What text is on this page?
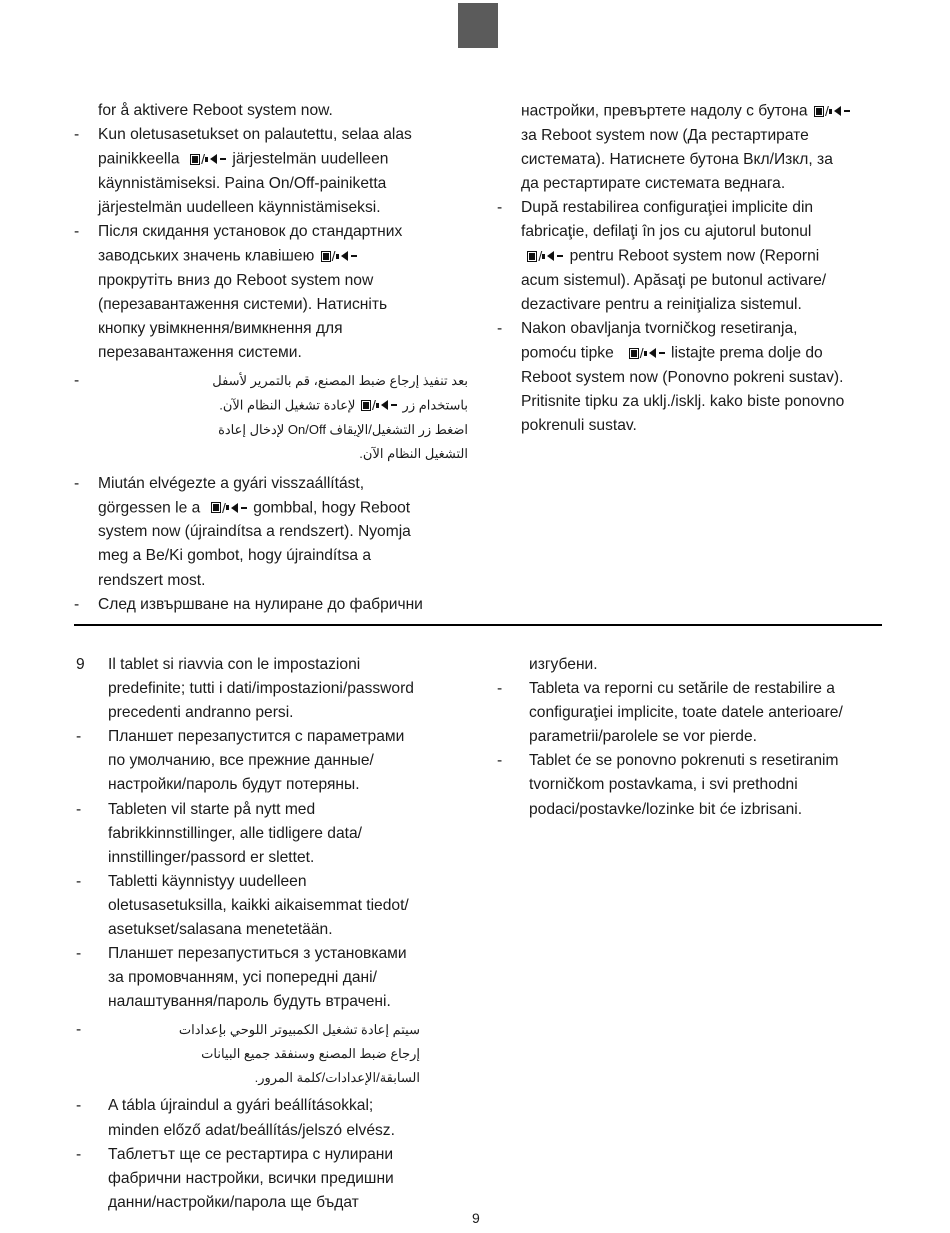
for å aktivere Reboot system now.
- Kun oletusasetukset on palautettu, selaa alas
painikkeella / järjestelmän uudelleen
käynnistämiseksi. Paina On/Off-painiketta
järjestelmän uudelleen käynnistämiseksi.
- Після скидання установок до стандартних
заводських значень клавішею /
прокрутіть вниз до Reboot system now
(перезавантаження системи). Натисніть
кнопку увімкнення/вимкнення для
перезавантаження системи.
-	بعد تنفيذ إرجاع ضبط المصنع، قم بالتمرير لأسفل
باستخدام زر
/
لإعادة تشغيل النظام الآن.
اضغط زر التشغيل/الإيقاف On/Off لإدخال إعادة
التشغيل النظام الآن.
- Miután elvégezte a gyári visszaállítást,
görgessen le a / gombbal, hogy Reboot
system now (újraindítsa a rendszert). Nyomja
meg a Be/Ki gombot, hogy újraindítsa a
rendszert most.
- След извършване на нулиране до фабрични
настройки, превъртете надолу с бутона /
за Reboot system now (Да рестартирате
системата). Натиснете бутона Вкл/Изкл, за
да рестартирате системата веднага.
- După restabilirea configuraţiei implicite din
fabricaţie, defilaţi în jos cu ajutorul butonul

/ pentru Reboot system now (Reporni
acum sistemul). Apăsaţi pe butonul activare/
dezactivare pentru a reiniţializa sistemul.
- Nakon obavljanja tvorničkog resetiranja,
pomoću tipke / listajte prema dolje do
Reboot system now (Ponovno pokreni sustav).
Pritisnite tipku za uklj./isklj. kako biste ponovno
pokrenuli sustav.
9 Il tablet si riavvia con le impostazioni
predefinite; tutti i dati/impostazioni/password
precedenti andranno persi.
- Планшет перезапустится с параметрами
по умолчанию, все прежние данные/
настройки/пароль будут потеряны.
- Tableten vil starte på nytt med
fabrikkinnstillinger, alle tidligere data/
innstillinger/passord er slettet.
- Tabletti käynnistyy uudelleen
oletusasetuksilla, kaikki aikaisemmat tiedot/
asetukset/salasana menetetään.
- Планшет перезапуститься з установками
за промовчанням, усі попередні дані/
налаштування/пароль будуть втрачені.
-	سيتم إعادة تشغيل الكمبيوتر اللوحي بإعدادات
إرجاع ضبط المصنع وسنفقد جميع البيانات
السابقة/الإعدادات/كلمة المرور.
- A tábla újraindul a gyári beállításokkal;
minden előző adat/beállítás/jelszó elvész.
- Таблетът ще се рестартира с нулирани
фабрични настройки, всички предишни
данни/настройки/парола ще бъдат
изгубени.
- Tableta va reporni cu setările de restabilire a
configuraţiei implicite, toate datele anterioare/
parametrii/parolele se vor pierde.
- Tablet će se ponovno pokrenuti s resetiranim
tvorničkom postavkama, i svi prethodni
podaci/postavke/lozinke bit će izbrisani.
9
